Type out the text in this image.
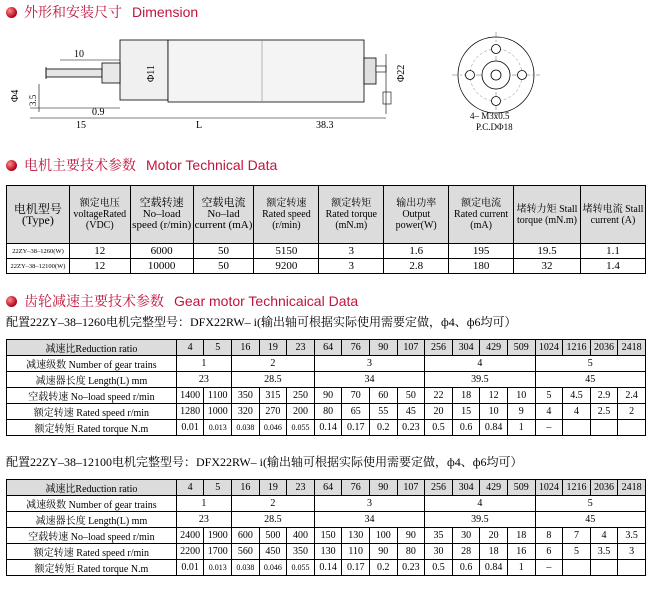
外形和安装尺寸 Dimension
10
Φ4 3.5
0.9
15	L	38.3
Φ11	Φ22
4– M3x0.5
P.C.DΦ18
电机主要技术参数 Motor Technical Data
电机型号 (Type)	额定电压 voltageRated (VDC)	空载转速 No–load speed (r/min)	空载电流 No–lad current (mA)	额定转速 Rated speed (r/min)	额定转矩 Rated torque (mN.m)	输出功率 Output power(W)	额定电流 Rated current (mA)	堵转力矩 Stall torque (mN.m)	堵转电流 Stall current (A)
22ZY–38–1260(W)	12	6000	50	5150	3	1.6	195	19.5	1.1
22ZY–38–12100(W)	12	10000	50	9200	3	2.8	180	32	1.4
齿轮减速主要技术参数 Gear motor Technicaical Data
配置22ZY–38–1260电机完整型号：DFX22RW– i(输出轴可根据实际使用需要定做，ф4、ф6均可）
减速比Reduction ratio	4	5	16	19	23	64	76	90	107	256	304	429	509	1024	1216	2036	2418
减速级数 Number of gear trains	1		2			3				4				5			
减速器长度 Length(L) mm	23		28.5			34				39.5				45			
空载转速 No–load speed r/min	1400	1100	350	315	250	90	70	60	50	22	18	12	10	5	4.5	2.9	2.4
额定转速 Rated speed r/min	1280	1000	320	270	200	80	65	55	45	20	15	10	9	4	4	2.5	2
额定转矩 Rated torque N.m	0.01	0.013	0.038	0.046	0.055	0.14	0.17	0.2	0.23	0.5	0.6	0.84	1	–			
配置22ZY–38–12100电机完整型号：DFX22RW– i(输出轴可根据实际使用需要定做，ф4、ф6均可）
减速比Reduction ratio	4	5	16	19	23	64	76	90	107	256	304	429	509	1024	1216	2036	2418
减速级数 Number of gear trains	1		2			3				4				5			
减速器长度 Length(L) mm	23		28.5			34				39.5				45			
空载转速 No–load speed r/min	2400	1900	600	500	400	150	130	100	90	35	30	20	18	8	7	4	3.5
额定转速 Rated speed r/min	2200	1700	560	450	350	130	110	90	80	30	28	18	16	6	5	3.5	3
额定转矩 Rated torque N.m	0.01	0.013	0.038	0.046	0.055	0.14	0.17	0.2	0.23	0.5	0.6	0.84	1	–			
